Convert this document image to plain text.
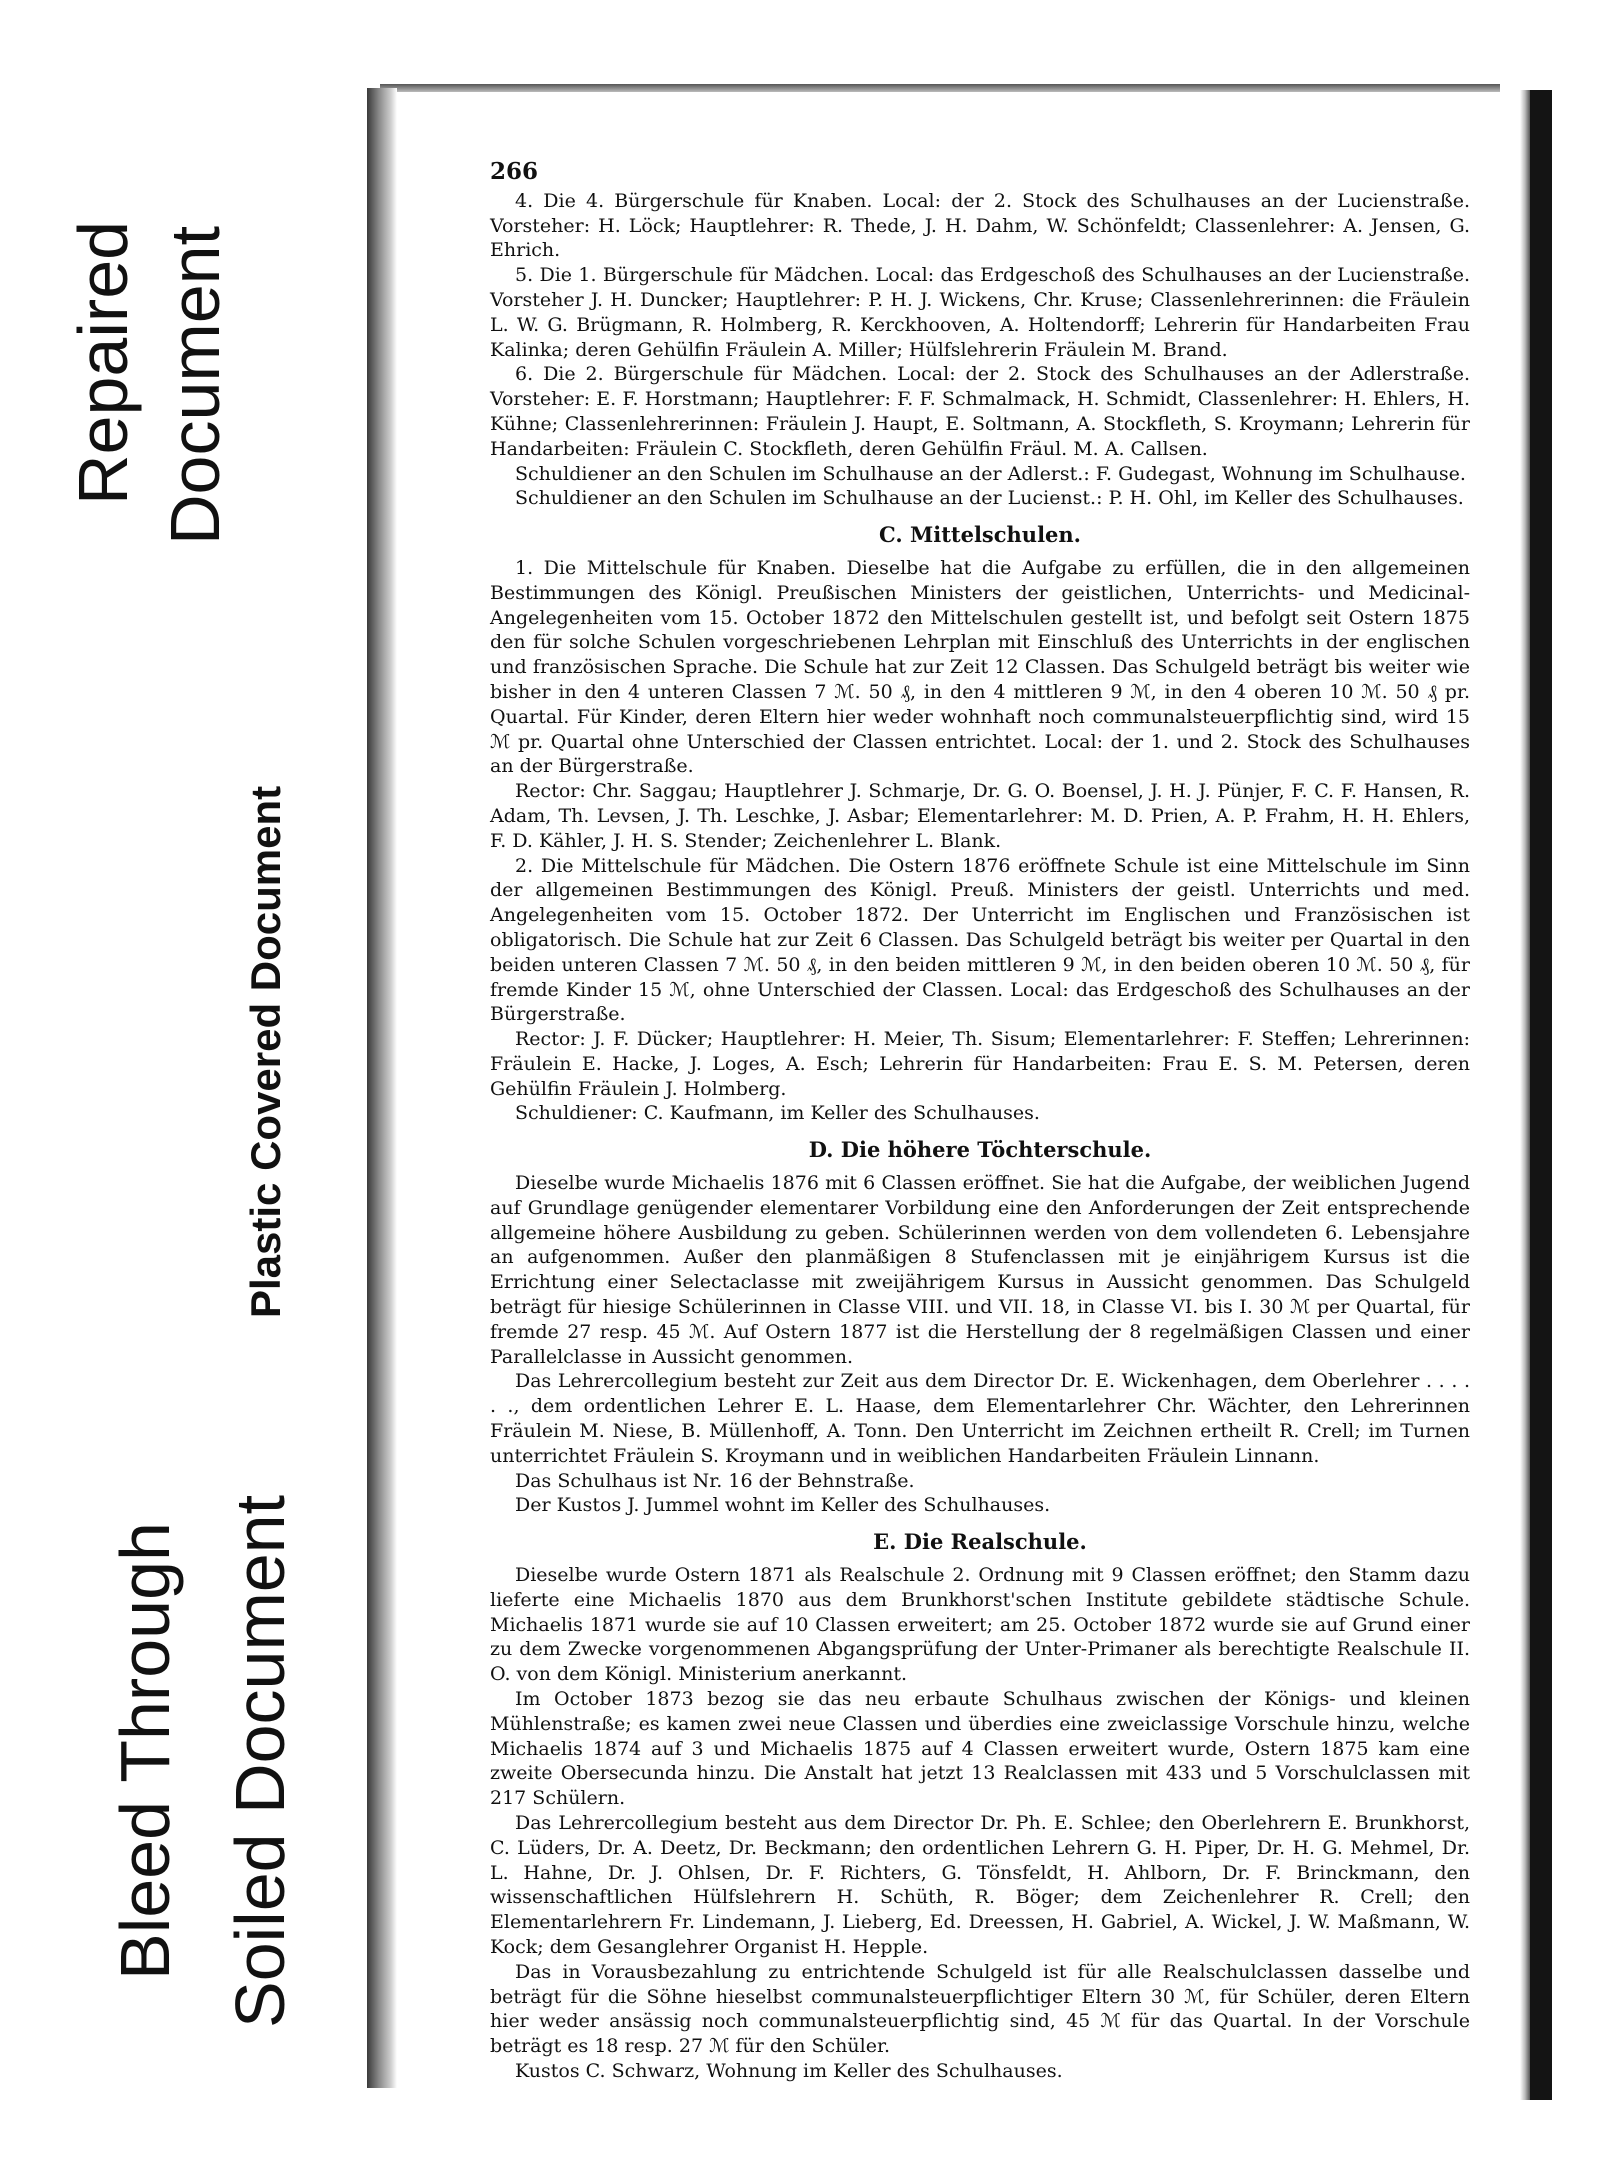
Repaired Document
Plastic Covered Document
Bleed Through Soiled Document
266

4. Die 4. Bürgerschule für Knaben. Local: der 2. Stock des Schulhauses an der Lucienstraße. Vorsteher: H. Löck; Hauptlehrer: R. Thede, J. H. Dahm, W. Schönfeldt; Classenlehrer: A. Jensen, G. Ehrich.

5. Die 1. Bürgerschule für Mädchen. Local: das Erdgeschoß des Schulhauses an der Lucienstraße. Vorsteher J. H. Duncker; Hauptlehrer: P. H. J. Wickens, Chr. Kruse; Classenlehrerinnen: die Fräulein L. W. G. Brügmann, R. Holmberg, R. Kerckhooven, A. Holtendorff; Lehrerin für Handarbeiten Frau Kalinka; deren Gehülfin Fräulein A. Miller; Hülfslehrerin Fräulein M. Brand.

6. Die 2. Bürgerschule für Mädchen. Local: der 2. Stock des Schulhauses an der Adlerstraße. Vorsteher: E. F. Horstmann; Hauptlehrer: F. F. Schmalmack, H. Schmidt, Classenlehrer: H. Ehlers, H. Kühne; Classenlehrerinnen: Fräulein J. Haupt, E. Soltmann, A. Stockfleth, S. Kroymann; Lehrerin für Handarbeiten: Fräulein C. Stockfleth, deren Gehülfin Fräul. M. A. Callsen.

Schuldiener an den Schulen im Schulhause an der Adlerst.: F. Gudegast, Wohnung im Schulhause.

Schuldiener an den Schulen im Schulhause an der Lucienst.: P. H. Ohl, im Keller des Schulhauses.

C. Mittelschulen.

1. Die Mittelschule für Knaben. Dieselbe hat die Aufgabe zu erfüllen, die in den allgemeinen Bestimmungen des Königl. Preußischen Ministers der geistlichen, Unterrichts- und Medicinal-Angelegenheiten vom 15. October 1872 den Mittelschulen gestellt ist, und befolgt seit Ostern 1875 den für solche Schulen vorgeschriebenen Lehrplan mit Einschluß des Unterrichts in der englischen und französischen Sprache. Die Schule hat zur Zeit 12 Classen. Das Schulgeld beträgt bis weiter wie bisher in den 4 unteren Classen 7 ℳ. 50 ₰, in den 4 mittleren 9 ℳ, in den 4 oberen 10 ℳ. 50 ₰ pr. Quartal. Für Kinder, deren Eltern hier weder wohnhaft noch communalsteuerpflichtig sind, wird 15 ℳ pr. Quartal ohne Unterschied der Classen entrichtet. Local: der 1. und 2. Stock des Schulhauses an der Bürgerstraße.

Rector: Chr. Saggau; Hauptlehrer J. Schmarje, Dr. G. O. Boensel, J. H. J. Pünjer, F. C. F. Hansen, R. Adam, Th. Levsen, J. Th. Leschke, J. Asbar; Elementarlehrer: M. D. Prien, A. P. Frahm, H. H. Ehlers, F. D. Kähler, J. H. S. Stender; Zeichenlehrer L. Blank.

2. Die Mittelschule für Mädchen. Die Ostern 1876 eröffnete Schule ist eine Mittelschule im Sinn der allgemeinen Bestimmungen des Königl. Preuß. Ministers der geistl. Unterrichts und med. Angelegenheiten vom 15. October 1872. Der Unterricht im Englischen und Französischen ist obligatorisch. Die Schule hat zur Zeit 6 Classen. Das Schulgeld beträgt bis weiter per Quartal in den beiden unteren Classen 7 ℳ. 50 ₰, in den beiden mittleren 9 ℳ, in den beiden oberen 10 ℳ. 50 ₰, für fremde Kinder 15 ℳ, ohne Unterschied der Classen. Local: das Erdgeschoß des Schulhauses an der Bürgerstraße.

Rector: J. F. Dücker; Hauptlehrer: H. Meier, Th. Sisum; Elementarlehrer: F. Steffen; Lehrerinnen: Fräulein E. Hacke, J. Loges, A. Esch; Lehrerin für Handarbeiten: Frau E. S. M. Petersen, deren Gehülfin Fräulein J. Holmberg.

Schuldiener: C. Kaufmann, im Keller des Schulhauses.

D. Die höhere Töchterschule.

Dieselbe wurde Michaelis 1876 mit 6 Classen eröffnet. Sie hat die Aufgabe, der weiblichen Jugend auf Grundlage genügender elementarer Vorbildung eine den Anforderungen der Zeit entsprechende allgemeine höhere Ausbildung zu geben. Schülerinnen werden von dem vollendeten 6. Lebensjahre an aufgenommen. Außer den planmäßigen 8 Stufenclassen mit je einjährigem Kursus ist die Errichtung einer Selectaclasse mit zweijährigem Kursus in Aussicht genommen. Das Schulgeld beträgt für hiesige Schülerinnen in Classe VIII. und VII. 18, in Classe VI. bis I. 30 ℳ per Quartal, für fremde 27 resp. 45 ℳ. Auf Ostern 1877 ist die Herstellung der 8 regelmäßigen Classen und einer Parallelclasse in Aussicht genommen.

Das Lehrercollegium besteht zur Zeit aus dem Director Dr. E. Wickenhagen, dem Oberlehrer . . . . . ., dem ordentlichen Lehrer E. L. Haase, dem Elementarlehrer Chr. Wächter, den Lehrerinnen Fräulein M. Niese, B. Müllenhoff, A. Tonn. Den Unterricht im Zeichnen ertheilt R. Crell; im Turnen unterrichtet Fräulein S. Kroymann und in weiblichen Handarbeiten Fräulein Linnann.

Das Schulhaus ist Nr. 16 der Behnstraße.

Der Kustos J. Jummel wohnt im Keller des Schulhauses.

E. Die Realschule.

Dieselbe wurde Ostern 1871 als Realschule 2. Ordnung mit 9 Classen eröffnet; den Stamm dazu lieferte eine Michaelis 1870 aus dem Brunkhorst'schen Institute gebildete städtische Schule. Michaelis 1871 wurde sie auf 10 Classen erweitert; am 25. October 1872 wurde sie auf Grund einer zu dem Zwecke vorgenommenen Abgangsprüfung der Unter-Primaner als berechtigte Realschule II. O. von dem Königl. Ministerium anerkannt.

Im October 1873 bezog sie das neu erbaute Schulhaus zwischen der Königs- und kleinen Mühlenstraße; es kamen zwei neue Classen und überdies eine zweiclassige Vorschule hinzu, welche Michaelis 1874 auf 3 und Michaelis 1875 auf 4 Classen erweitert wurde, Ostern 1875 kam eine zweite Obersecunda hinzu. Die Anstalt hat jetzt 13 Realclassen mit 433 und 5 Vorschulclassen mit 217 Schülern.

Das Lehrercollegium besteht aus dem Director Dr. Ph. E. Schlee; den Oberlehrern E. Brunkhorst, C. Lüders, Dr. A. Deetz, Dr. Beckmann; den ordentlichen Lehrern G. H. Piper, Dr. H. G. Mehmel, Dr. L. Hahne, Dr. J. Ohlsen, Dr. F. Richters, G. Tönsfeldt, H. Ahlborn, Dr. F. Brinckmann, den wissenschaftlichen Hülfslehrern H. Schüth, R. Böger; dem Zeichenlehrer R. Crell; den Elementarlehrern Fr. Lindemann, J. Lieberg, Ed. Dreessen, H. Gabriel, A. Wickel, J. W. Maßmann, W. Kock; dem Gesanglehrer Organist H. Hepple.

Das in Vorausbezahlung zu entrichtende Schulgeld ist für alle Realschulclassen dasselbe und beträgt für die Söhne hieselbst communalsteuerpflichtiger Eltern 30 ℳ, für Schüler, deren Eltern hier weder ansässig noch communalsteuerpflichtig sind, 45 ℳ für das Quartal. In der Vorschule beträgt es 18 resp. 27 ℳ für den Schüler.

Kustos C. Schwarz, Wohnung im Keller des Schulhauses.
